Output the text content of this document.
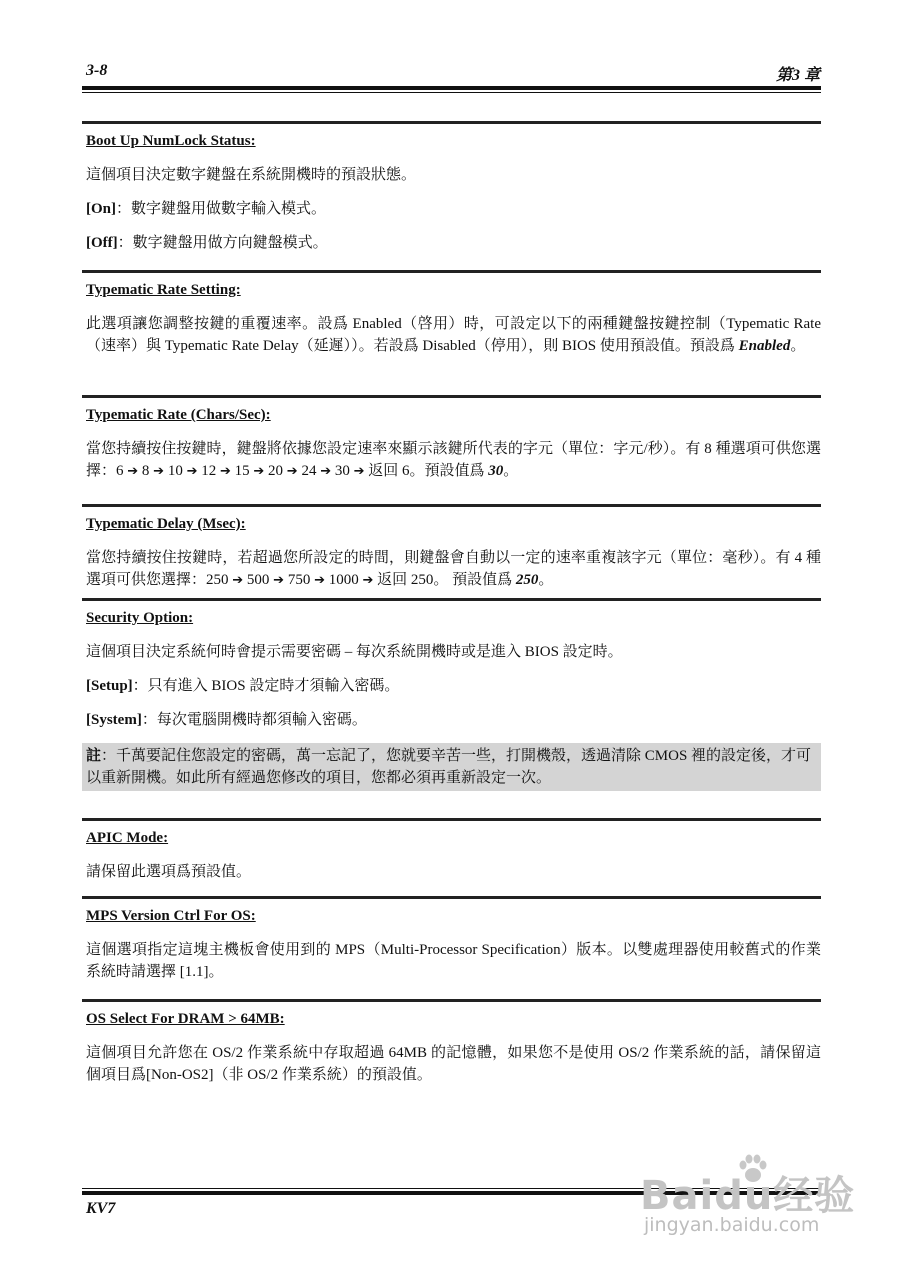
3-8	第3 章
Boot Up NumLock Status:
這個項目決定數字鍵盤在系統開機時的預設狀態。
[On]：數字鍵盤用做數字輸入模式。
[Off]：數字鍵盤用做方向鍵盤模式。
Typematic Rate Setting:
此選項讓您調整按鍵的重覆速率。設爲 Enabled（啓用）時，可設定以下的兩種鍵盤按鍵控制（Typematic Rate（速率）與 Typematic Rate Delay（延遲））。若設爲 Disabled（停用），則 BIOS 使用預設值。預設爲 Enabled。
Typematic Rate (Chars/Sec):
當您持續按住按鍵時，鍵盤將依據您設定速率來顯示該鍵所代表的字元（單位：字元/秒）。有 8 種選項可供您選擇：6 ➔ 8 ➔ 10 ➔ 12 ➔ 15 ➔ 20 ➔ 24 ➔ 30 ➔ 返回 6。預設值爲 30。
Typematic Delay (Msec):
當您持續按住按鍵時，若超過您所設定的時間，則鍵盤會自動以一定的速率重複該字元（單位：毫秒）。有 4 種選項可供您選擇：250 ➔ 500 ➔ 750 ➔ 1000 ➔ 返回 250。 預設值爲 250。
Security Option:
這個項目決定系統何時會提示需要密碼 – 每次系統開機時或是進入 BIOS 設定時。
[Setup]：只有進入 BIOS 設定時才須輸入密碼。
[System]：每次電腦開機時都須輸入密碼。
註：千萬要記住您設定的密碼，萬一忘記了，您就要辛苦一些，打開機殼，透過清除 CMOS 裡的設定後，才可以重新開機。如此所有經過您修改的項目，您都必須再重新設定一次。
APIC Mode:
請保留此選項爲預設值。
MPS Version Ctrl For OS:
這個選項指定這塊主機板會使用到的 MPS（Multi-Processor Specification）版本。以雙處理器使用較舊式的作業系統時請選擇 [1.1]。
OS Select For DRAM > 64MB:
這個項目允許您在 OS/2 作業系統中存取超過 64MB 的記憶體，如果您不是使用 OS/2 作業系統的話，請保留這個項目爲[Non-OS2]（非 OS/2 作業系統）的預設值。
KV7	Baidu经验
jingyan.baidu.com
